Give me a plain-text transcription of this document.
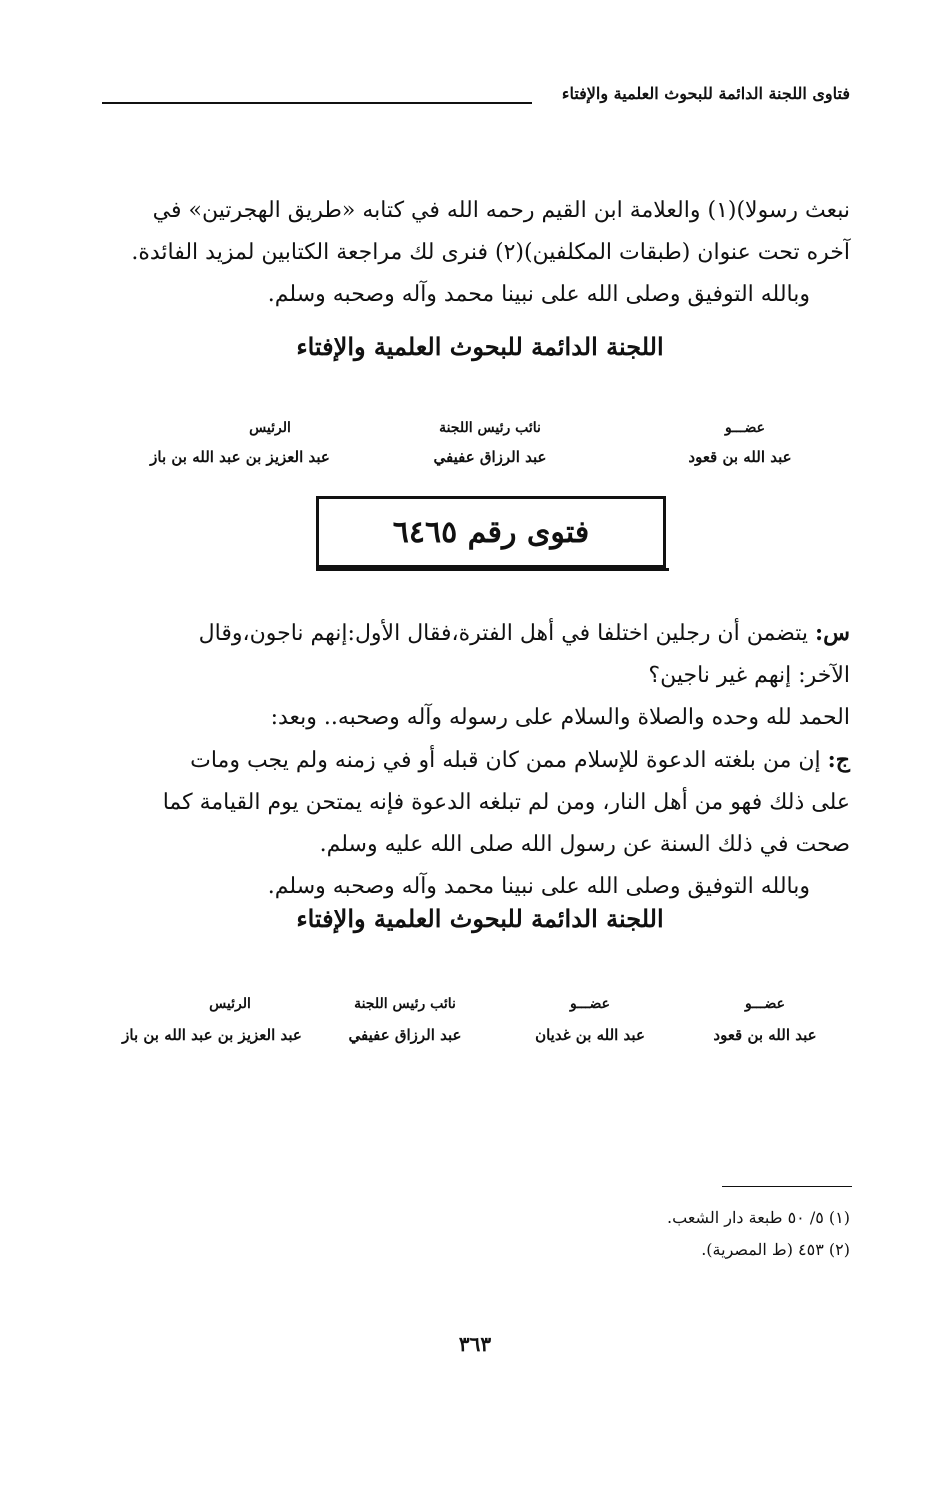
فتاوى اللجنة الدائمة للبحوث العلمية والإفتاء
نبعث رسولا)(١) والعلامة ابن القيم رحمه الله في كتابه «طريق الهجرتين» في
آخره تحت عنوان (طبقات المكلفين)(٢) فنرى لك مراجعة الكتابين لمزيد الفائدة.
وبالله التوفيق وصلى الله على نبينا محمد وآله وصحبه وسلم.
اللجنة الدائمة للبحوث العلمية والإفتاء
الرئيس
عبد العزيز بن عبد الله بن باز
نائب رئيس اللجنة
عبد الرزاق عفيفي
عضـــو
عبد الله بن قعود
فتوى رقم ٦٤٦٥
س: يتضمن أن رجلين اختلفا في أهل الفترة،فقال الأول:إنهم ناجون،وقال
الآخر: إنهم غير ناجين؟
الحمد لله وحده والصلاة والسلام على رسوله وآله وصحبه.. وبعد:
ج: إن من بلغته الدعوة للإسلام ممن كان قبله أو في زمنه ولم يجب ومات
على ذلك فهو من أهل النار، ومن لم تبلغه الدعوة فإنه يمتحن يوم القيامة كما
صحت في ذلك السنة عن رسول الله صلى الله عليه وسلم.
وبالله التوفيق وصلى الله على نبينا محمد وآله وصحبه وسلم.
اللجنة الدائمة للبحوث العلمية والإفتاء
الرئيس
عبد العزيز بن عبد الله بن باز
نائب رئيس اللجنة
عبد الرزاق عفيفي
عضـــو
عبد الله بن غديان
عضـــو
عبد الله بن قعود
(١) ٥/ ٥٠ طبعة دار الشعب.
(٢) ٤٥٣ (ط المصرية).
٣٦٣
